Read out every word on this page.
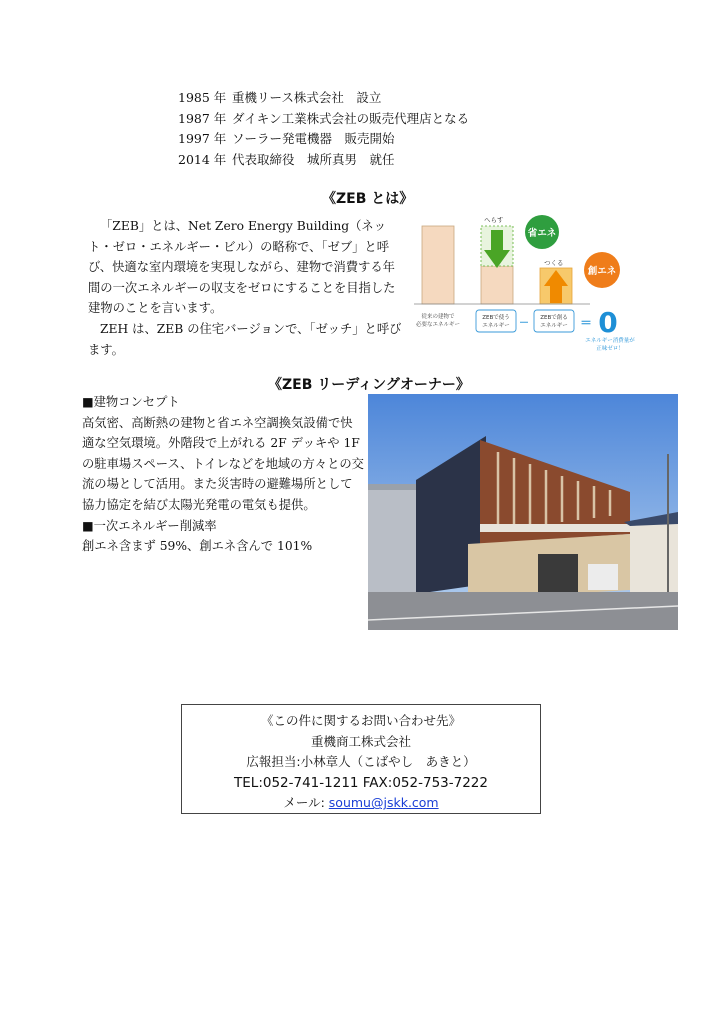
1985 年 重機リース株式会社　設立
1987 年 ダイキン工業株式会社の販売代理店となる
1997 年 ソーラー発電機器　販売開始
2014 年 代表取締役　城所真男　就任
《ZEB とは》

「ZEB」とは、Net Zero Energy Building（ネット・ゼロ・エネルギー・ビル）の略称で、「ゼブ」と呼び、快適な室内環境を実現しながら、建物で消費する年間の一次エネルギーの収支をゼロにすることを目指した建物のことを言います。

ZEH は、ZEB の住宅バージョンで、「ゼッチ」と呼びます。

へらす
つくる
省エネ
創エネ
従来の建物で
必要なエネルギー
ZEBで使う
エネルギー － ZEBで創る
エネルギー ＝ 0
エネルギー消費量が
正味ゼロ！
《ZEB リーディングオーナー》

■建物コンセプト

高気密、高断熱の建物と省エネ空調換気設備で快適な空気環境。外階段で上がれる 2F デッキや 1F の駐車場スペース、トイレなどを地域の方々との交流の場として活用。また災害時の避難場所として協力協定を結び太陽光発電の電気も提供。

■一次エネルギー削減率

創エネ含まず 59%、創エネ含んで 101%

《この件に関するお問い合わせ先》
重機商工株式会社
広報担当:小林章人（こばやし　あきと）
TEL:052-741-1211 FAX:052-753-7222
メール: soumu@jskk.com
